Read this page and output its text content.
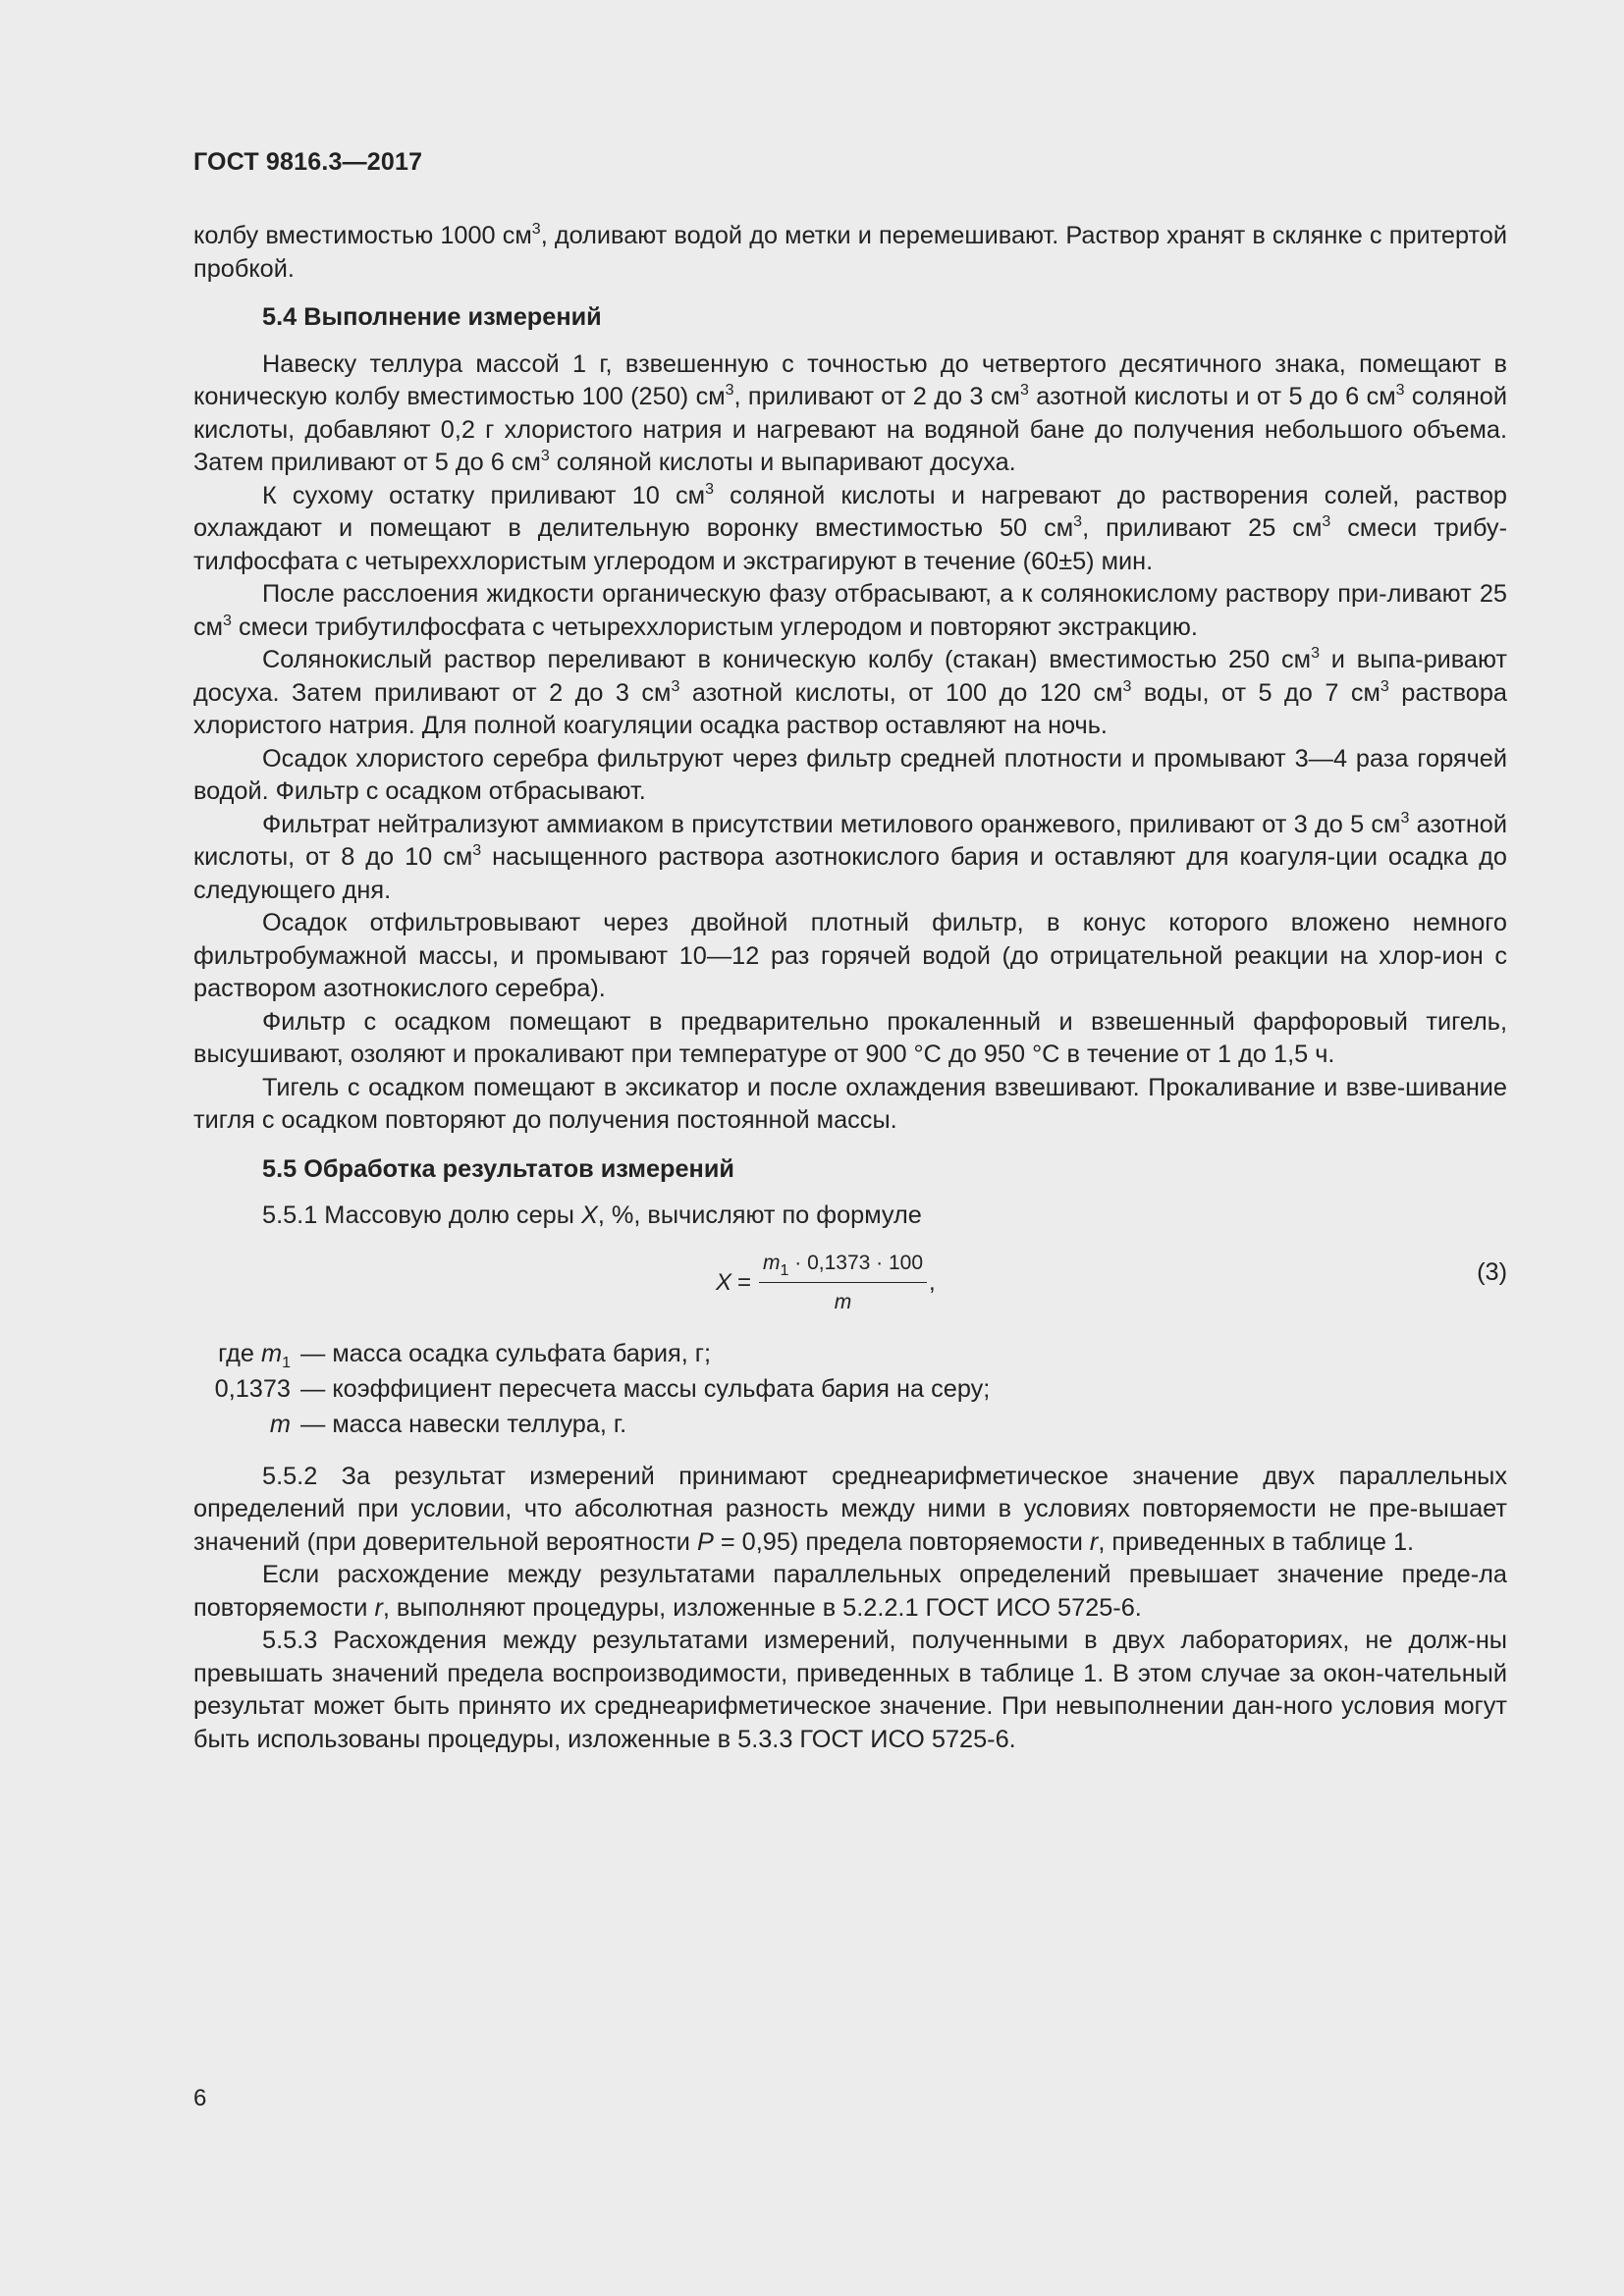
ГОСТ 9816.3—2017

колбу вместимостью 1000 $см^3$, доливают водой до метки и перемешивают. Раствор хранят в склянке с притертой пробкой.

5.4 Выполнение измерений

Навеску теллура массой 1 г, взвешенную с точностью до четвертого десятичного знака, помещают в коническую колбу вместимостью 100 (250) $см^3$, приливают от 2 до 3 $см^3$ азотной кислоты и от 5 до 6 $см^3$ соляной кислоты, добавляют 0,2 г хлористого натрия и нагревают на водяной бане до получения небольшого объема. Затем приливают от 5 до 6 $см^3$ соляной кислоты и выпаривают досуха.

К сухому остатку приливают 10 $см^3$ соляной кислоты и нагревают до растворения солей, раствор охлаждают и помещают в делительную воронку вместимостью 50 $см^3$, приливают 25 $см^3$ смеси трибу-тилфосфата с четыреххлористым углеродом и экстрагируют в течение (60±5) мин.

После расслоения жидкости органическую фазу отбрасывают, а к солянокислому раствору при-ливают 25 $см^3$ смеси трибутилфосфата с четыреххлористым углеродом и повторяют экстракцию.

Солянокислый раствор переливают в коническую колбу (стакан) вместимостью 250 $см^3$ и выпа-ривают досуха. Затем приливают от 2 до 3 $см^3$ азотной кислоты, от 100 до 120 $см^3$ воды, от 5 до 7 $см^3$ раствора хлористого натрия. Для полной коагуляции осадка раствор оставляют на ночь.

Осадок хлористого серебра фильтруют через фильтр средней плотности и промывают 3—4 раза горячей водой. Фильтр с осадком отбрасывают.

Фильтрат нейтрализуют аммиаком в присутствии метилового оранжевого, приливают от 3 до 5 $см^3$ азотной кислоты, от 8 до 10 $см^3$ насыщенного раствора азотнокислого бария и оставляют для коагуля-ции осадка до следующего дня.

Осадок отфильтровывают через двойной плотный фильтр, в конус которого вложено немного фильтробумажной массы, и промывают 10—12 раз горячей водой (до отрицательной реакции на хлор-ион с раствором азотнокислого серебра).

Фильтр с осадком помещают в предварительно прокаленный и взвешенный фарфоровый тигель, высушивают, озоляют и прокаливают при температуре от 900 °С до 950 °С в течение от 1 до 1,5 ч.

Тигель с осадком помещают в эксикатор и после охлаждения взвешивают. Прокаливание и взве-шивание тигля с осадком повторяют до получения постоянной массы.

5.5 Обработка результатов измерений
5.5.1 Массовую долю серы X, %, вычисляют по формуле
$X = \frac{m_1 \cdot 0,1373 \cdot 100}{m}$ ,	(3)
где $m_1$ — масса осадка сульфата бария, г;
0,1373 — коэффициент пересчета массы сульфата бария на серу;
m — масса навески теллура, г.

5.5.2 За результат измерений принимают среднеарифметическое значение двух параллельных определений при условии, что абсолютная разность между ними в условиях повторяемости не пре-вышает значений (при доверительной вероятности P = 0,95) предела повторяемости r, приведенных в таблице 1.

Если расхождение между результатами параллельных определений превышает значение преде-ла повторяемости r, выполняют процедуры, изложенные в 5.2.2.1 ГОСТ ИСО 5725-6.

5.5.3 Расхождения между результатами измерений, полученными в двух лабораториях, не долж-ны превышать значений предела воспроизводимости, приведенных в таблице 1. В этом случае за окон-чательный результат может быть принято их среднеарифметическое значение. При невыполнении дан-ного условия могут быть использованы процедуры, изложенные в 5.3.3 ГОСТ ИСО 5725-6.

6
